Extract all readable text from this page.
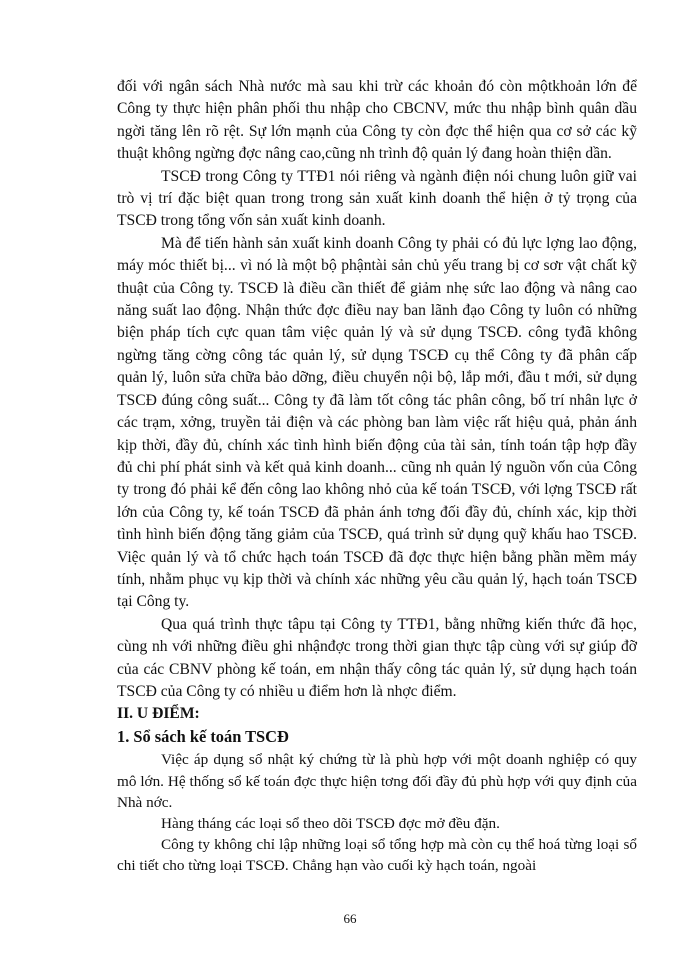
đối với ngân sách Nhà nước mà sau khi trừ các khoản đó còn mộtkhoản lớn để Công ty thực hiện phân phối thu nhập cho CBCNV, mức thu nhập bình quân dầu ngời tăng lên rõ rệt. Sự lớn mạnh của Công ty còn đợc thể hiện qua cơ sở các kỹ thuật không ngừng đợc nâng cao,cũng nh trình độ quản lý đang hoàn thiện dần.

TSCĐ trong Công ty TTĐ1 nói riêng và ngành điện nói chung luôn giữ vai trò vị trí đặc biệt quan trong trong sản xuất kinh doanh thể hiện ở tỷ trọng của TSCĐ trong tổng vốn sản xuất kinh doanh.

Mà để tiến hành sản xuất kinh doanh Công ty phải có đủ lực lợng lao động, máy móc thiết bị... vì nó là một bộ phậntài sản chủ yếu trang bị cơ sơr vật chất kỹ thuật của Công ty. TSCĐ là điều cần thiết để giảm nhẹ sức lao động và nâng cao năng suất lao động. Nhận thức đợc điều nay ban lãnh đạo Công ty luôn có những biện pháp tích cực quan tâm việc quản lý và sử dụng TSCĐ. công tyđã không ngừng tăng cờng công tác quản lý, sử dụng TSCĐ cụ thể Công ty đã phân cấp quản lý, luôn sửa chữa bảo dỡng, điều chuyển nội bộ, lắp mới, đầu t mới, sử dụng TSCĐ đúng công suất... Công ty đã làm tốt công tác phân công, bố trí nhân lực ở các trạm, xởng, truyền tải điện và các phòng ban làm việc rất hiệu quả, phản ánh kịp thời, đầy đủ, chính xác tình hình biến động của tài sản, tính toán tập hợp đầy đủ chi phí phát sinh và kết quả kinh doanh... cũng nh quản lý nguồn vốn của Công ty trong đó phải kể đến công lao không nhỏ của kế toán TSCĐ, với lợng TSCĐ rất lớn của Công ty, kế toán TSCĐ đã phản ánh tơng đối đầy đủ, chính xác, kịp thời tình hình biến động tăng giảm của TSCĐ, quá trình sử dụng quỹ khấu hao TSCĐ. Việc quản lý và tổ chức hạch toán TSCĐ đã đợc thực hiện bằng phần mềm máy tính, nhằm phục vụ kịp thời và chính xác những yêu cầu quản lý, hạch toán TSCĐ tại Công ty.

Qua quá trình thực tâpu tại Công ty TTĐ1, bằng những kiến thức đã học, cùng nh với những điều ghi nhậnđợc trong thời gian thực tập cùng với sự giúp đỡ của các CBNV phòng kế toán, em nhận thấy công tác quản lý, sử dụng hạch toán TSCĐ của Công ty có nhiều u điểm hơn là nhợc điểm.

II. U ĐIỂM:

1. Sổ sách kế toán TSCĐ

Việc áp dụng sổ nhật ký chứng từ là phù hợp với một doanh nghiệp có quy mô lớn. Hệ thống sổ kế toán đợc thực hiện tơng đối đầy đủ phù hợp với quy định của Nhà nớc.

Hàng tháng các loại sổ theo dõi TSCĐ đợc mở đều đặn.

Công ty không chỉ lập những loại sổ tổng hợp mà còn cụ thể hoá từng loại sổ chi tiết cho từng loại TSCĐ. Chẳng hạn vào cuối kỳ hạch toán, ngoài

66
